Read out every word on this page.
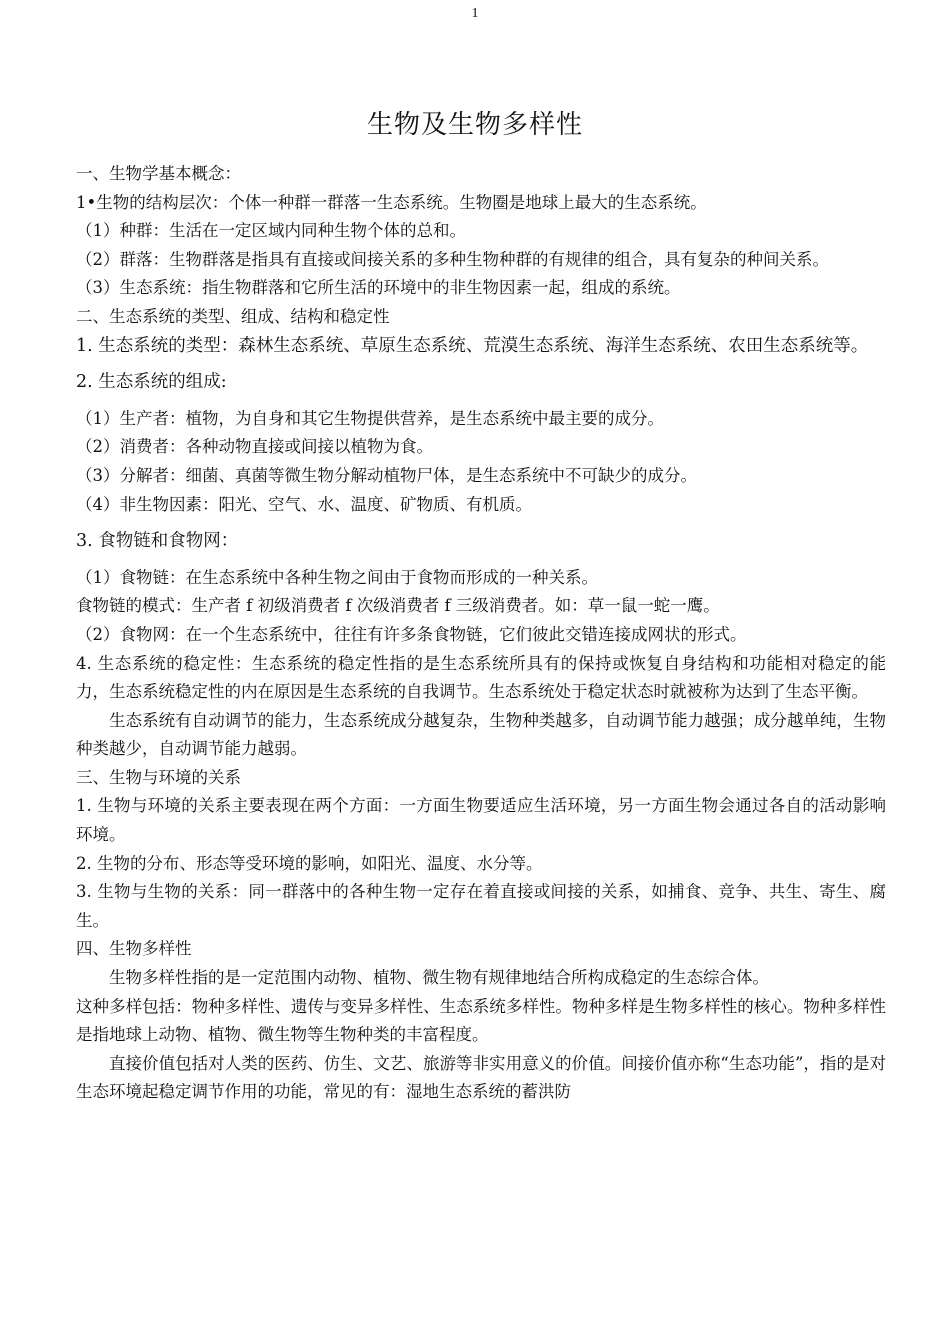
1
生物及生物多样性
一、生物学基本概念：
1•生物的结构层次：个体一种群一群落一生态系统。生物圈是地球上最大的生态系统。
（1）种群：生活在一定区域内同种生物个体的总和。
（2）群落：生物群落是指具有直接或间接关系的多种生物种群的有规律的组合，具有复杂的种间关系。
（3）生态系统：指生物群落和它所生活的环境中的非生物因素一起，组成的系统。
二、生态系统的类型、组成、结构和稳定性
1. 生态系统的类型：森林生态系统、草原生态系统、荒漠生态系统、海洋生态系统、农田生态系统等。
2. 生态系统的组成:
（1）生产者：植物，为自身和其它生物提供营养，是生态系统中最主要的成分。
（2）消费者：各种动物直接或间接以植物为食。
（3）分解者：细菌、真菌等微生物分解动植物尸体，是生态系统中不可缺少的成分。
（4）非生物因素：阳光、空气、水、温度、矿物质、有机质。
3. 食物链和食物网：
（1）食物链：在生态系统中各种生物之间由于食物而形成的一种关系。
食物链的模式：生产者 f 初级消费者 f 次级消费者 f 三级消费者。如：草一鼠一蛇一鹰。
（2）食物网：在一个生态系统中，往往有许多条食物链，它们彼此交错连接成网状的形式。
4. 生态系统的稳定性：生态系统的稳定性指的是生态系统所具有的保持或恢复自身结构和功能相对稳定的能力，生态系统稳定性的内在原因是生态系统的自我调节。生态系统处于稳定状态时就被称为达到了生态平衡。
生态系统有自动调节的能力，生态系统成分越复杂，生物种类越多，自动调节能力越强；成分越单纯，生物种类越少，自动调节能力越弱。
三、生物与环境的关系
1. 生物与环境的关系主要表现在两个方面：一方面生物要适应生活环境，另一方面生物会通过各自的活动影响环境。
2. 生物的分布、形态等受环境的影响，如阳光、温度、水分等。
3. 生物与生物的关系：同一群落中的各种生物一定存在着直接或间接的关系，如捕食、竞争、共生、寄生、腐生。
四、生物多样性
生物多样性指的是一定范围内动物、植物、微生物有规律地结合所构成稳定的生态综合体。
这种多样包括：物种多样性、遗传与变异多样性、生态系统多样性。物种多样是生物多样性的核心。物种多样性是指地球上动物、植物、微生物等生物种类的丰富程度。
直接价值包括对人类的医药、仿生、文艺、旅游等非实用意义的价值。间接价值亦称“生态功能”，指的是对生态环境起稳定调节作用的功能，常见的有：湿地生态系统的蓄洪防
